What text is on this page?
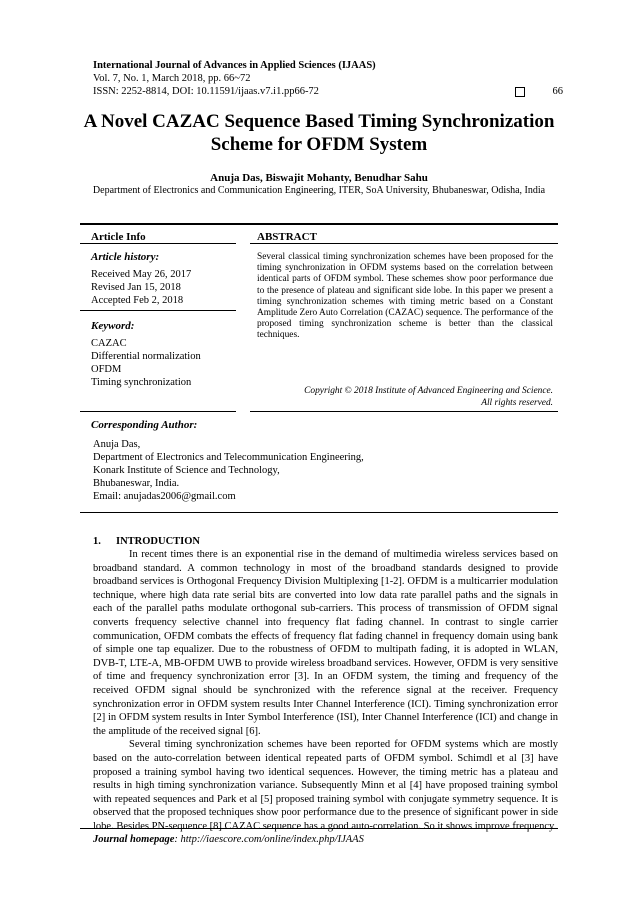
International Journal of Advances in Applied Sciences (IJAAS)
Vol. 7, No. 1, March 2018, pp. 66~72
ISSN: 2252-8814, DOI: 10.11591/ijaas.v7.i1.pp66-72	66
A Novel CAZAC Sequence Based Timing Synchronization Scheme for OFDM System
Anuja Das, Biswajit Mohanty, Benudhar Sahu
Department of Electronics and Communication Engineering, ITER, SoA University, Bhubaneswar, Odisha, India
Article Info
Article history:
Received May 26, 2017
Revised Jan 15, 2018
Accepted Feb 2, 2018
Keyword:
CAZAC
Differential normalization
OFDM
Timing synchronization
ABSTRACT
Several classical timing synchronization schemes have been proposed for the timing synchronization in OFDM systems based on the correlation between identical parts of OFDM symbol. These schemes show poor performance due to the presence of plateau and significant side lobe. In this paper we present a timing synchronization schemes with timing metric based on a Constant Amplitude Zero Auto Correlation (CAZAC) sequence. The performance of the proposed timing synchronization scheme is better than the classical techniques.
Copyright © 2018 Institute of Advanced Engineering and Science.
All rights reserved.
Corresponding Author:
Anuja Das,
Department of Electronics and Telecommunication Engineering,
Konark Institute of Science and Technology,
Bhubaneswar, India.
Email: anujadas2006@gmail.com
1. INTRODUCTION

In recent times there is an exponential rise in the demand of multimedia wireless services based on broadband standard. A common technology in most of the broadband standards designed to provide broadband services is Orthogonal Frequency Division Multiplexing [1-2]. OFDM is a multicarrier modulation technique, where high data rate serial bits are converted into low data rate parallel paths and the signals in each of the parallel paths modulate orthogonal sub-carriers. This process of transmission of OFDM signal converts frequency selective channel into frequency flat fading channel. In contrast to single carrier communication, OFDM combats the effects of frequency flat fading channel in frequency domain using bank of simple one tap equalizer. Due to the robustness of OFDM to multipath fading, it is adopted in WLAN, DVB-T, LTE-A, MB-OFDM UWB to provide wireless broadband services. However, OFDM is very sensitive of time and frequency synchronization error [3]. In an OFDM system, the timing and frequency of the received OFDM signal should be synchronized with the reference signal at the receiver. Frequency synchronization error in OFDM system results Inter Channel Interference (ICI). Timing synchronization error [2] in OFDM system results in Inter Symbol Interference (ISI), Inter Channel Interference (ICI) and change in the amplitude of the received signal [6].

Several timing synchronization schemes have been reported for OFDM systems which are mostly based on the auto-correlation between identical repeated parts of OFDM symbol. Schimdl et al [3] have proposed a training symbol having two identical sequences. However, the timing metric has a plateau and results in high timing synchronization variance. Subsequently Minn et al [4] have proposed training symbol with repeated sequences and Park et al [5] proposed training symbol with conjugate symmetry sequence. It is observed that the proposed techniques show poor performance due to the presence of significant power in side lobe. Besides PN-sequence [8] CAZAC sequence has a good auto-correlation. So it shows improve frequency

Journal homepage: http://iaescore.com/online/index.php/IJAAS
